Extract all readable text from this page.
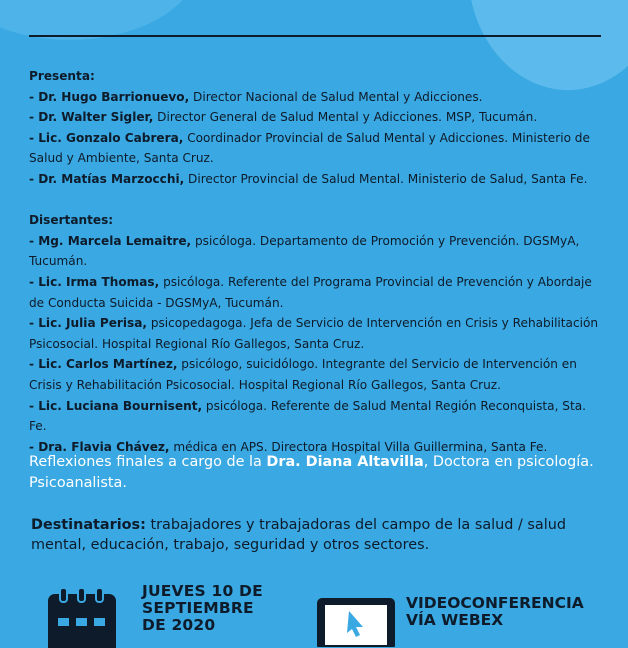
Presenta:
- Dr. Hugo Barrionuevo, Director Nacional de Salud Mental y Adicciones.
- Dr. Walter Sigler, Director General de Salud Mental y Adicciones. MSP, Tucumán.
- Lic. Gonzalo Cabrera, Coordinador Provincial de Salud Mental y Adicciones. Ministerio de Salud y Ambiente, Santa Cruz.
- Dr. Matías Marzocchi, Director Provincial de Salud Mental. Ministerio de Salud, Santa Fe.
Disertantes:
- Mg. Marcela Lemaitre, psicóloga. Departamento de Promoción y Prevención. DGSMyA, Tucumán.
- Lic. Irma Thomas, psicóloga. Referente del Programa Provincial de Prevención y Abordaje de Conducta Suicida - DGSMyA, Tucumán.
- Lic. Julia Perisa, psicopedagoga. Jefa de Servicio de Intervención en Crisis y Rehabilitación Psicosocial. Hospital Regional Río Gallegos, Santa Cruz.
- Lic. Carlos Martínez, psicólogo, suicidólogo. Integrante del Servicio de Intervención en Crisis y Rehabilitación Psicosocial. Hospital Regional Río Gallegos, Santa Cruz.
- Lic. Luciana Bournisent, psicóloga. Referente de Salud Mental Región Reconquista, Sta. Fe.
- Dra. Flavia Chávez, médica en APS. Directora Hospital Villa Guillermina, Santa Fe.
Reflexiones finales a cargo de la Dra. Diana Altavilla, Doctora en psicología. Psicoanalista.
Destinatarios: trabajadores y trabajadoras del campo de la salud / salud mental, educación, trabajo, seguridad y otros sectores.
JUEVES 10 DE
SEPTIEMBRE
DE 2020
VIDEOCONFERENCIA
VÍA WEBEX
